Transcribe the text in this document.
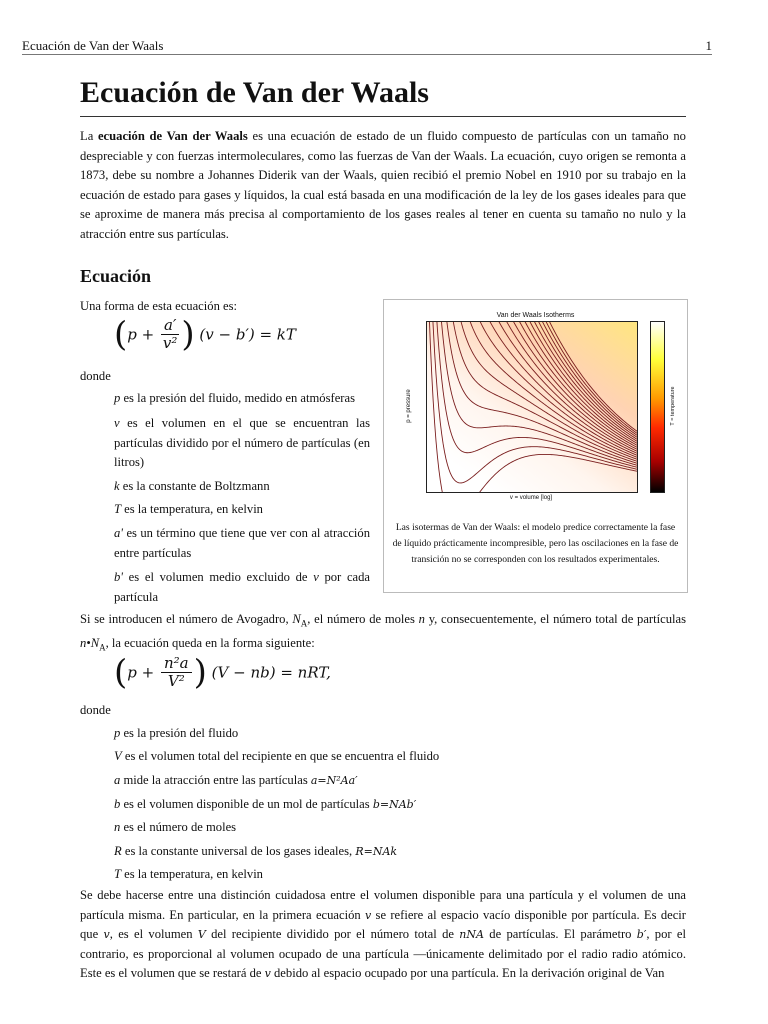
Ecuación de Van der Waals	1
Ecuación de Van der Waals

La ecuación de Van der Waals es una ecuación de estado de un fluido compuesto de partículas con un tamaño no despreciable y con fuerzas intermoleculares, como las fuerzas de Van der Waals. La ecuación, cuyo origen se remonta a 1873, debe su nombre a Johannes Diderik van der Waals, quien recibió el premio Nobel en 1910 por su trabajo en la ecuación de estado para gases y líquidos, la cual está basada en una modificación de la ley de los gases ideales para que se aproxime de manera más precisa al comportamiento de los gases reales al tener en cuenta su tamaño no nulo y la atracción entre sus partículas.

Ecuación

Una forma de esta ecuación es:

($p + \frac{a'}{\text{v²}}$ ) (v − b′) = kT
donde
p es la presión del fluido, medido en atmósferas
v es el volumen en el que se encuentran las partículas dividido por el número de partículas (en litros)
k es la constante de Boltzmann
T es la temperatura, en kelvin
a' es un término que tiene que ver con al atracción entre partículas
b' es el volumen medio excluido de v por cada partícula
Van der Waals Isotherms
p = pressure	T = temperature
v = volume [log]

Las isotermas de Van der Waals: el modelo predice correctamente la fase de líquido prácticamente incompresible, pero las oscilaciones en la fase de transición no se corresponden con los resultados experimentales.

Si se introducen el número de Avogadro, $N_A$, el número de moles n y, consecuentemente, el número total de partículas $n•N_A$, la ecuación queda en la forma siguiente:

($p + \frac{\text{n²a}}{\text{V²}}$ ) (V − nb) = nRT,
donde
p es la presión del fluido
V es el volumen total del recipiente en que se encuentra el fluido
a mide la atracción entre las partículas a=N²Aa′
b es el volumen disponible de un mol de partículas b=NAb′
n es el número de moles
R es la constante universal de los gases ideales, R=NAk
T es la temperatura, en kelvin

Se debe hacerse entre una distinción cuidadosa entre el volumen disponible para una partícula y el volumen de una partícula misma. En particular, en la primera ecuación v se refiere al espacio vacío disponible por partícula. Es decir que v, es el volumen V del recipiente dividido por el número total de nNA de partículas. El parámetro b′, por el contrario, es proporcional al volumen ocupado de una partícula —únicamente delimitado por el radio radio atómico. Este es el volumen que se restará de v debido al espacio ocupado por una partícula. En la derivación original de Van
